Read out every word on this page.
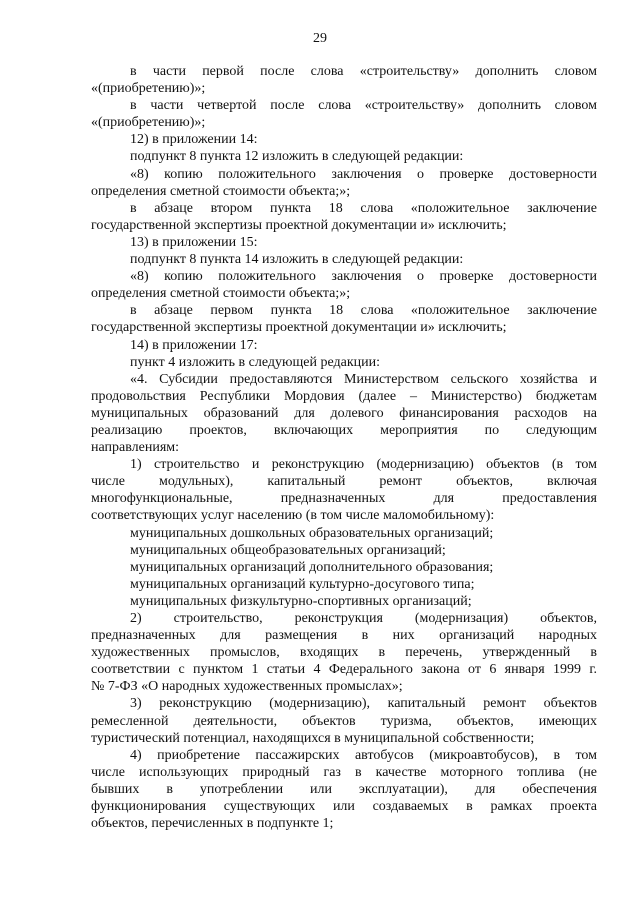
29

в части первой после слова «строительству» дополнить словом

«(приобретению)»;

в части четвертой после слова «строительству» дополнить словом

«(приобретению)»;

12) в приложении 14:

подпункт 8 пункта 12 изложить в следующей редакции:

«8) копию положительного заключения о проверке достоверности

определения сметной стоимости объекта;»;

в абзаце втором пункта 18 слова «положительное заключение

государственной экспертизы проектной документации и» исключить;

13) в приложении 15:

подпункт 8 пункта 14 изложить в следующей редакции:

«8) копию положительного заключения о проверке достоверности

определения сметной стоимости объекта;»;

в абзаце первом пункта 18 слова «положительное заключение

государственной экспертизы проектной документации и» исключить;

14) в приложении 17:

пункт 4 изложить в следующей редакции:

«4. Субсидии предоставляются Министерством сельского хозяйства и

продовольствия Республики Мордовия (далее – Министерство) бюджетам

муниципальных образований для долевого финансирования расходов на

реализацию проектов, включающих мероприятия по следующим

направлениям:

1) строительство и реконструкцию (модернизацию) объектов (в том

числе модульных), капитальный ремонт объектов, включая

многофункциональные, предназначенных для предоставления

соответствующих услуг населению (в том числе маломобильному):

муниципальных дошкольных образовательных организаций;

муниципальных общеобразовательных организаций;

муниципальных организаций дополнительного образования;

муниципальных организаций культурно-досугового типа;

муниципальных физкультурно-спортивных организаций;

2) строительство, реконструкция (модернизация) объектов,

предназначенных для размещения в них организаций народных

художественных промыслов, входящих в перечень, утвержденный в

соответствии с пунктом 1 статьи 4 Федерального закона от 6 января 1999 г.

№ 7-ФЗ «О народных художественных промыслах»;

3) реконструкцию (модернизацию), капитальный ремонт объектов

ремесленной деятельности, объектов туризма, объектов, имеющих

туристический потенциал, находящихся в муниципальной собственности;

4) приобретение пассажирских автобусов (микроавтобусов), в том

числе использующих природный газ в качестве моторного топлива (не

бывших в употреблении или эксплуатации), для обеспечения

функционирования существующих или создаваемых в рамках проекта

объектов, перечисленных в подпункте 1;
